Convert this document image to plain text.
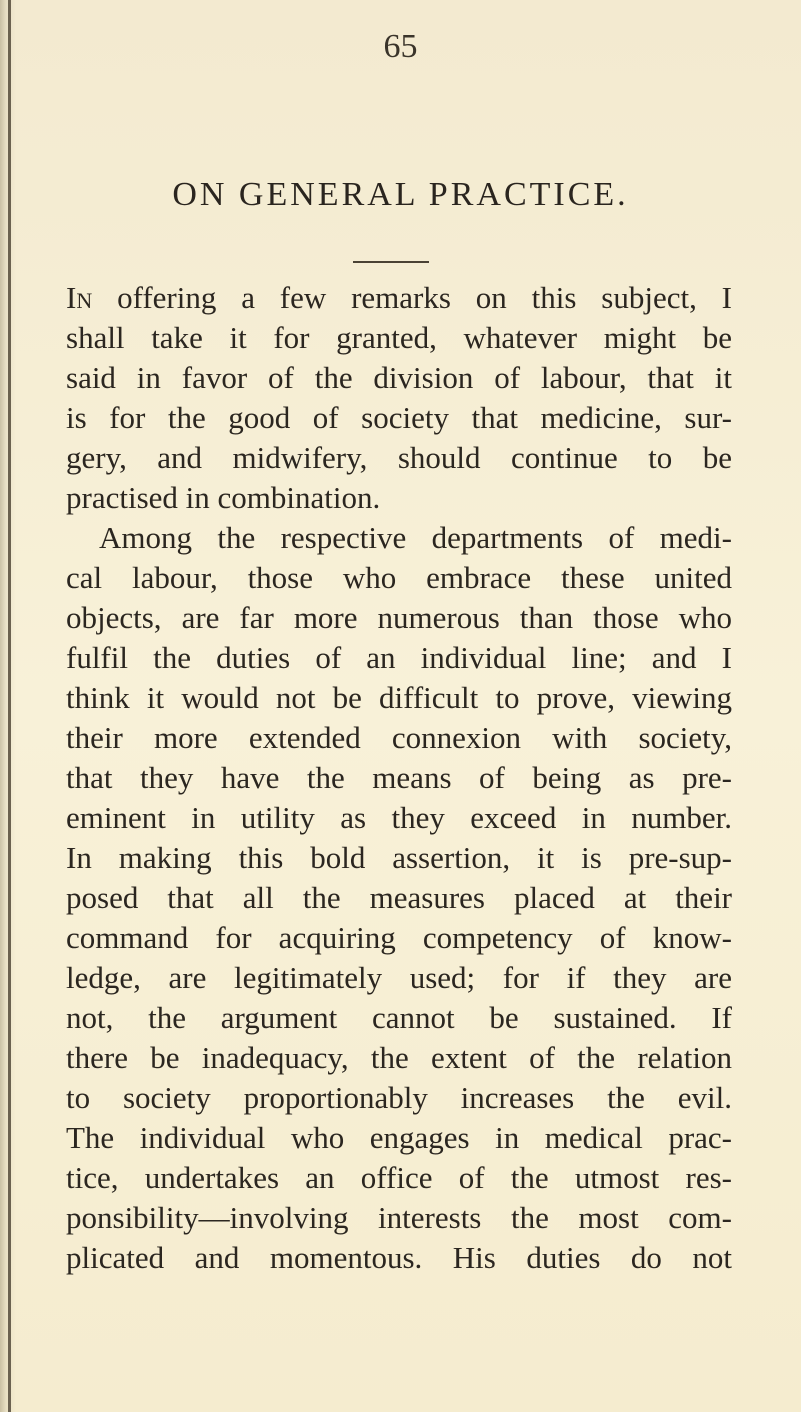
65
ON GENERAL PRACTICE.
In offering a few remarks on this subject, I
shall take it for granted, whatever might be
said in favor of the division of labour, that it
is for the good of society that medicine, sur-
gery, and midwifery, should continue to be
practised in combination.
Among the respective departments of medi-
cal labour, those who embrace these united
objects, are far more numerous than those who
fulfil the duties of an individual line; and I
think it would not be difficult to prove, viewing
their more extended connexion with society,
that they have the means of being as pre-
eminent in utility as they exceed in number.
In making this bold assertion, it is pre-sup-
posed that all the measures placed at their
command for acquiring competency of know-
ledge, are legitimately used; for if they are
not, the argument cannot be sustained. If
there be inadequacy, the extent of the relation
to society proportionably increases the evil.
The individual who engages in medical prac-
tice, undertakes an office of the utmost res-
ponsibility—involving interests the most com-
plicated and momentous. His duties do not
